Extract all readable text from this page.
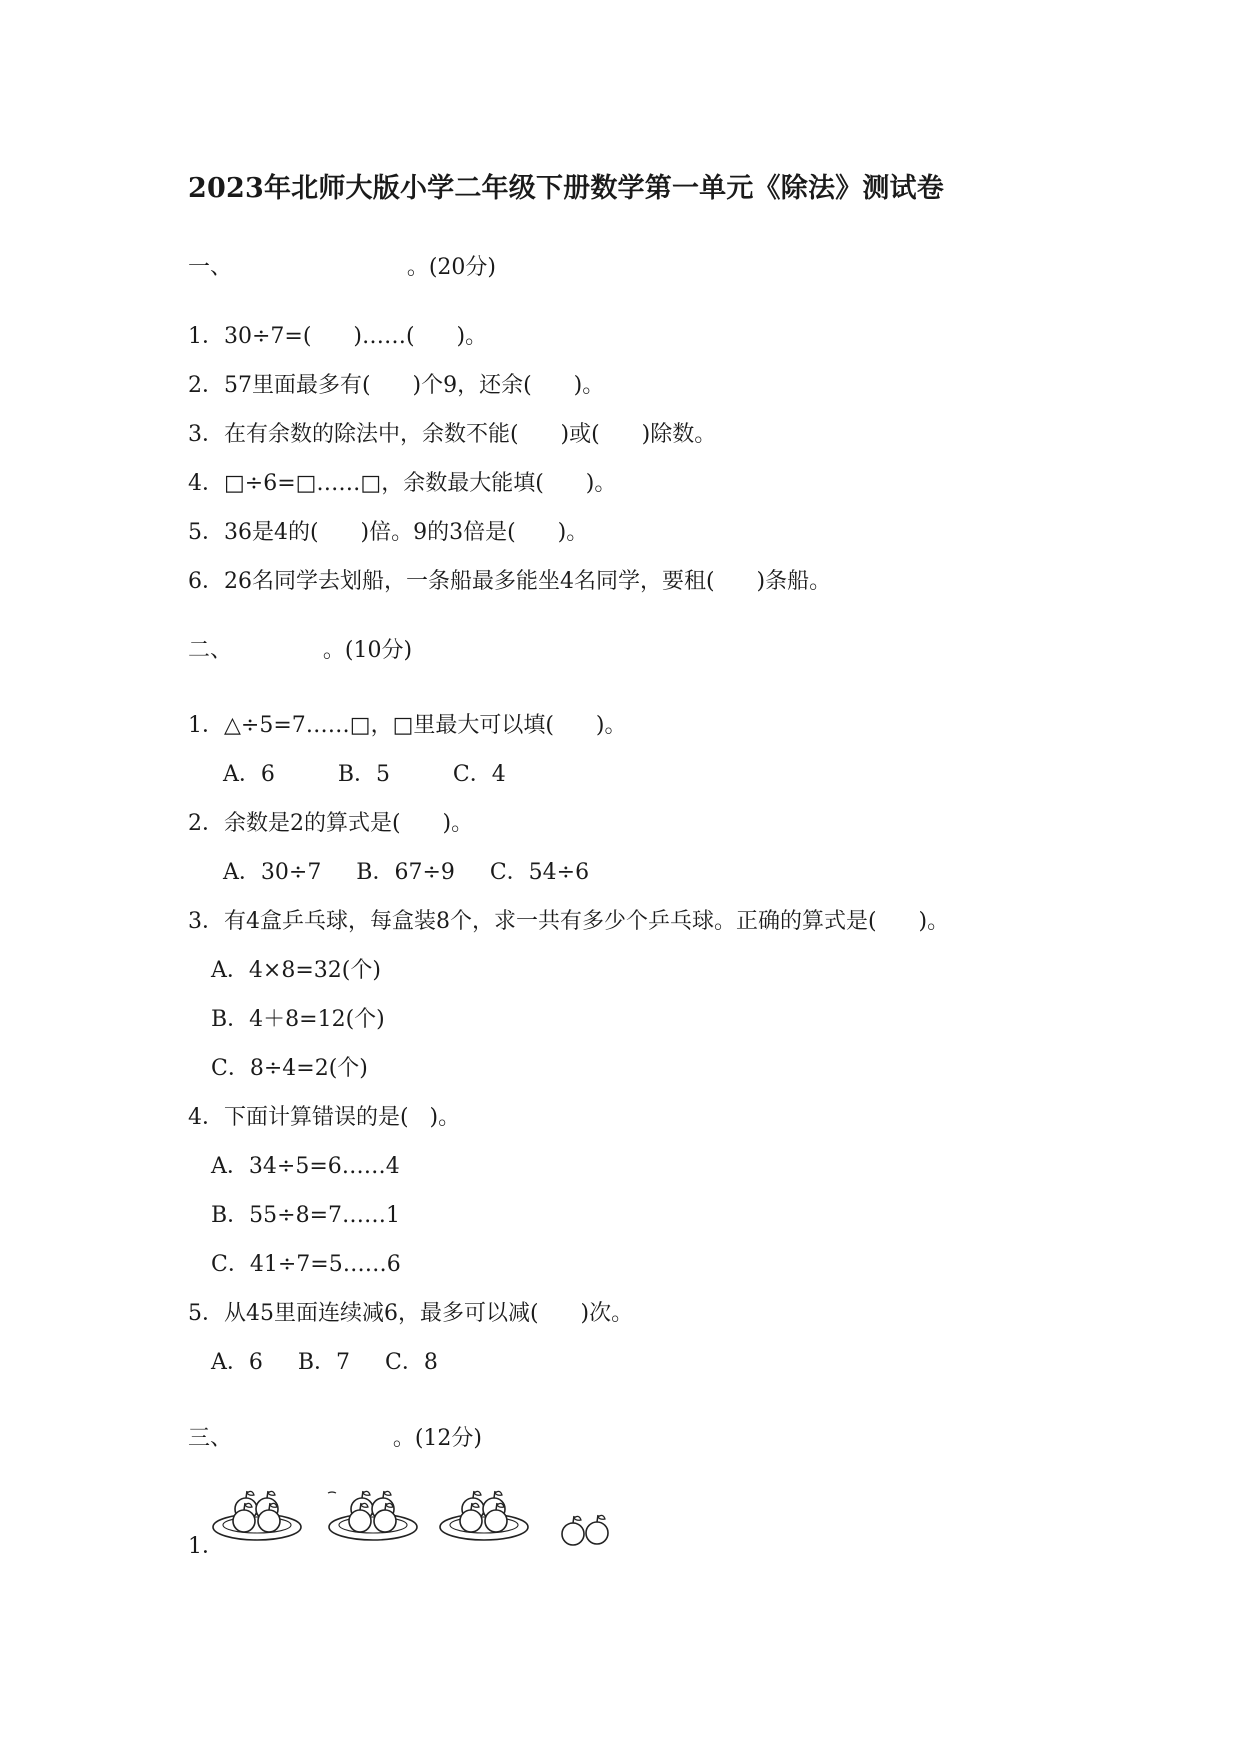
2023年北师大版小学二年级下册数学第一单元《除法》测试卷
一、                         。(20分)
1．30÷7=(      )……(      )。
2．57里面最多有(      )个9，还余(      )。
3．在有余数的除法中，余数不能(      )或(      )除数。
4．□÷6=□……□，余数最大能填(      )。
5．36是4的(      )倍。9的3倍是(      )。
6．26名同学去划船，一条船最多能坐4名同学，要租(      )条船。
二、             。(10分)
1．△÷5=7……□，□里最大可以填(      )。
A．6         B．5         C．4
2．余数是2的算式是(      )。
A．30÷7     B．67÷9     C．54÷6
3．有4盒乒乓球，每盒装8个，求一共有多少个乒乓球。正确的算式是(      )。
A．4×8=32(个)
B．4＋8=12(个)
C．8÷4=2(个)
4．下面计算错误的是(   )。
A．34÷5=6……4
B．55÷8=7……1
C．41÷7=5……6
5．从45里面连续减6，最多可以减(      )次。
A．6     B．7     C．8
三、                       。(12分)
1．
